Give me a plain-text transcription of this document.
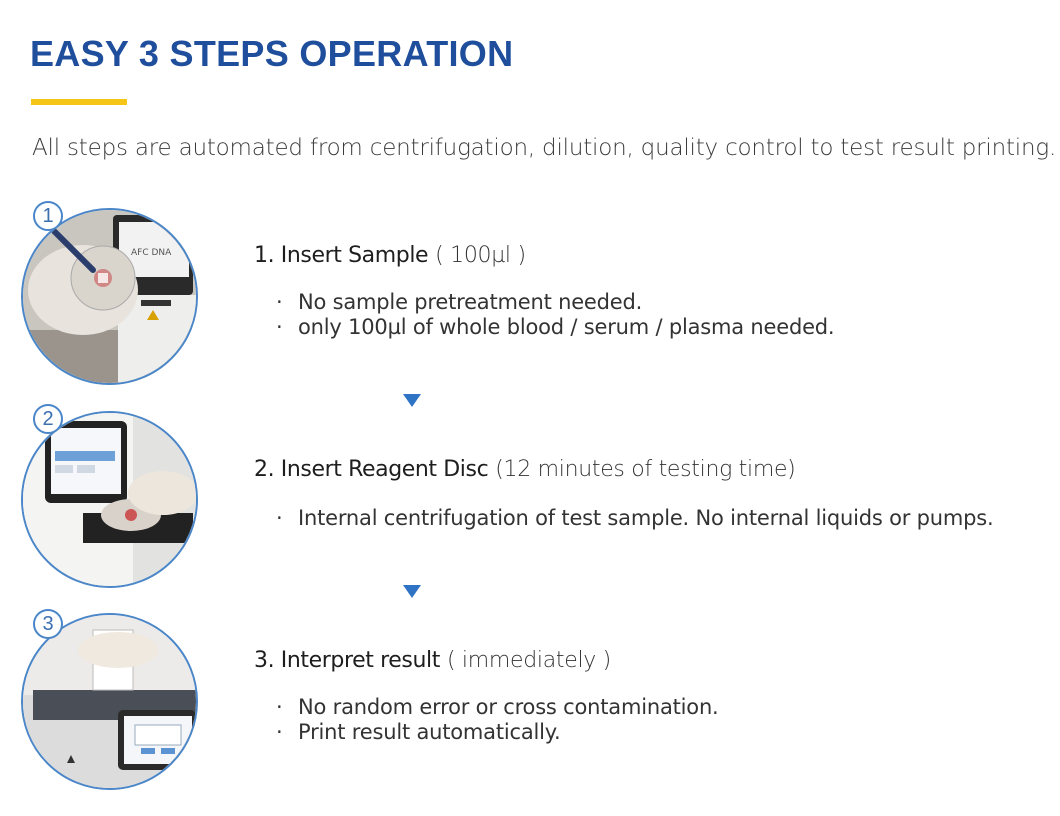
EASY 3 STEPS OPERATION
All steps are automated from centrifugation, dilution, quality control to test result printing.
AFC DNA
1
1. Insert Sample ( 100µl )
· No sample pretreatment needed.
· only 100µl of whole blood / serum / plasma needed.
2
2. Insert Reagent Disc (12 minutes of testing time)
· Internal centrifugation of test sample. No internal liquids or pumps.
3
3. Interpret result ( immediately )
· No random error or cross contamination.
· Print result automatically.
